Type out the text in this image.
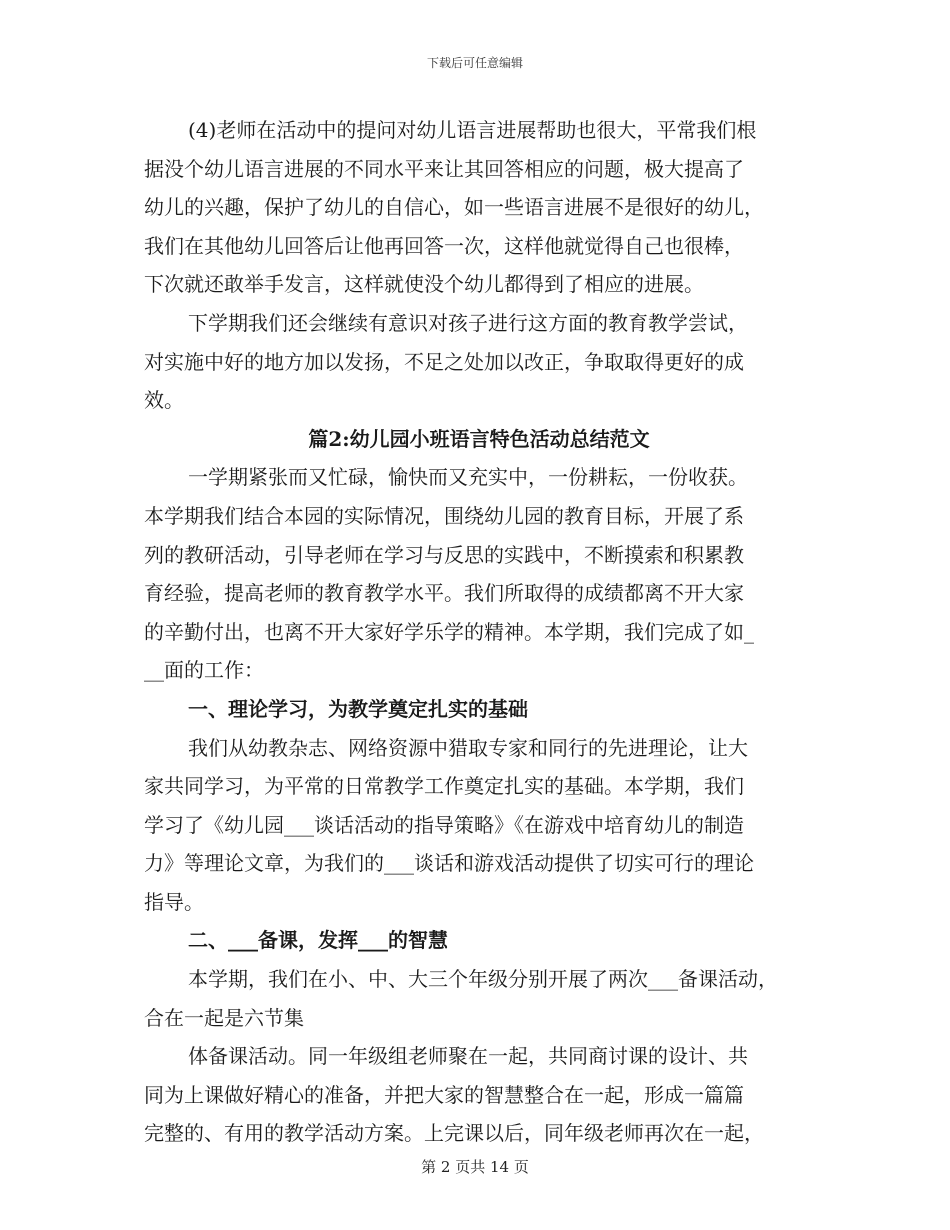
下载后可任意编辑
(4)老师在活动中的提问对幼儿语言进展帮助也很大，平常我们根
据没个幼儿语言进展的不同水平来让其回答相应的问题，极大提高了
幼儿的兴趣，保护了幼儿的自信心，如一些语言进展不是很好的幼儿，
我们在其他幼儿回答后让他再回答一次，这样他就觉得自己也很棒，
下次就还敢举手发言，这样就使没个幼儿都得到了相应的进展。
下学期我们还会继续有意识对孩子进行这方面的教育教学尝试，
对实施中好的地方加以发扬，不足之处加以改正，争取取得更好的成
效。
篇2:幼儿园小班语言特色活动总结范文
一学期紧张而又忙碌，愉快而又充实中，一份耕耘，一份收获。
本学期我们结合本园的实际情况，围绕幼儿园的教育目标，开展了系
列的教研活动，引导老师在学习与反思的实践中，不断摸索和积累教
育经验，提高老师的教育教学水平。我们所取得的成绩都离不开大家
的辛勤付出，也离不开大家好学乐学的精神。本学期，我们完成了如_
__面的工作：
一、理论学习，为教学奠定扎实的基础
我们从幼教杂志、网络资源中猎取专家和同行的先进理论，让大
家共同学习，为平常的日常教学工作奠定扎实的基础。本学期，我们
学习了《幼儿园___谈话活动的指导策略》《在游戏中培育幼儿的制造
力》等理论文章，为我们的___谈话和游戏活动提供了切实可行的理论
指导。
二、___备课，发挥___的智慧
本学期，我们在小、中、大三个年级分别开展了两次___备课活动，
合在一起是六节集
体备课活动。同一年级组老师聚在一起，共同商讨课的设计、共
同为上课做好精心的准备，并把大家的智慧整合在一起，形成一篇篇
完整的、有用的教学活动方案。上完课以后，同年级老师再次在一起，
第 2 页共 14 页
